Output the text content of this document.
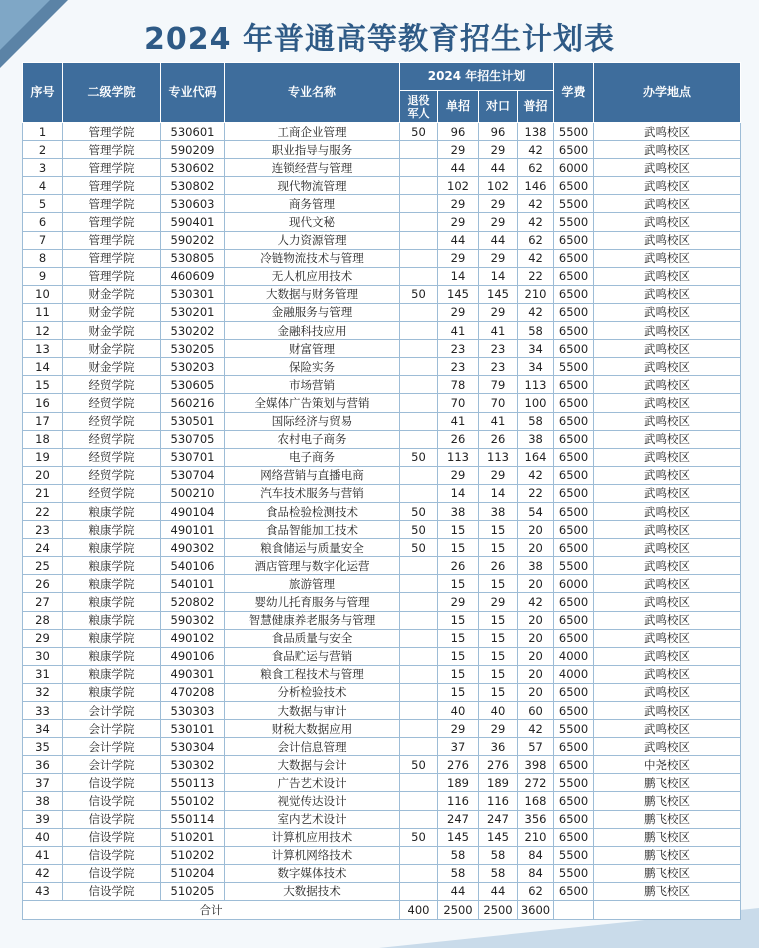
2024 年普通高等教育招生计划表
序号	二级学院	专业代码	专业名称	2024 年招生计划				学费	办学地点
				退役军人	单招	对口	普招		
1	管理学院	530601	工商企业管理	50	96	96	138	5500	武鸣校区
2	管理学院	590209	职业指导与服务		29	29	42	6500	武鸣校区
3	管理学院	530602	连锁经营与管理		44	44	62	6000	武鸣校区
4	管理学院	530802	现代物流管理		102	102	146	6500	武鸣校区
5	管理学院	530603	商务管理		29	29	42	5500	武鸣校区
6	管理学院	590401	现代文秘		29	29	42	5500	武鸣校区
7	管理学院	590202	人力资源管理		44	44	62	6500	武鸣校区
8	管理学院	530805	冷链物流技术与管理		29	29	42	6500	武鸣校区
9	管理学院	460609	无人机应用技术		14	14	22	6500	武鸣校区
10	财金学院	530301	大数据与财务管理	50	145	145	210	6500	武鸣校区
11	财金学院	530201	金融服务与管理		29	29	42	6500	武鸣校区
12	财金学院	530202	金融科技应用		41	41	58	6500	武鸣校区
13	财金学院	530205	财富管理		23	23	34	6500	武鸣校区
14	财金学院	530203	保险实务		23	23	34	5500	武鸣校区
15	经贸学院	530605	市场营销		78	79	113	6500	武鸣校区
16	经贸学院	560216	全媒体广告策划与营销		70	70	100	6500	武鸣校区
17	经贸学院	530501	国际经济与贸易		41	41	58	6500	武鸣校区
18	经贸学院	530705	农村电子商务		26	26	38	6500	武鸣校区
19	经贸学院	530701	电子商务	50	113	113	164	6500	武鸣校区
20	经贸学院	530704	网络营销与直播电商		29	29	42	6500	武鸣校区
21	经贸学院	500210	汽车技术服务与营销		14	14	22	6500	武鸣校区
22	粮康学院	490104	食品检验检测技术	50	38	38	54	6500	武鸣校区
23	粮康学院	490101	食品智能加工技术	50	15	15	20	6500	武鸣校区
24	粮康学院	490302	粮食储运与质量安全	50	15	15	20	6500	武鸣校区
25	粮康学院	540106	酒店管理与数字化运营		26	26	38	5500	武鸣校区
26	粮康学院	540101	旅游管理		15	15	20	6000	武鸣校区
27	粮康学院	520802	婴幼儿托育服务与管理		29	29	42	6500	武鸣校区
28	粮康学院	590302	智慧健康养老服务与管理		15	15	20	6500	武鸣校区
29	粮康学院	490102	食品质量与安全		15	15	20	6500	武鸣校区
30	粮康学院	490106	食品贮运与营销		15	15	20	4000	武鸣校区
31	粮康学院	490301	粮食工程技术与管理		15	15	20	4000	武鸣校区
32	粮康学院	470208	分析检验技术		15	15	20	6500	武鸣校区
33	会计学院	530303	大数据与审计		40	40	60	6500	武鸣校区
34	会计学院	530101	财税大数据应用		29	29	42	5500	武鸣校区
35	会计学院	530304	会计信息管理		37	36	57	6500	武鸣校区
36	会计学院	530302	大数据与会计	50	276	276	398	6500	中尧校区
37	信设学院	550113	广告艺术设计		189	189	272	5500	鹏飞校区
38	信设学院	550102	视觉传达设计		116	116	168	6500	鹏飞校区
39	信设学院	550114	室内艺术设计		247	247	356	6500	鹏飞校区
40	信设学院	510201	计算机应用技术	50	145	145	210	6500	鹏飞校区
41	信设学院	510202	计算机网络技术		58	58	84	5500	鹏飞校区
42	信设学院	510204	数字媒体技术		58	58	84	5500	鹏飞校区
43	信设学院	510205	大数据技术		44	44	62	6500	鹏飞校区
合计				400	2500	2500	3600		
